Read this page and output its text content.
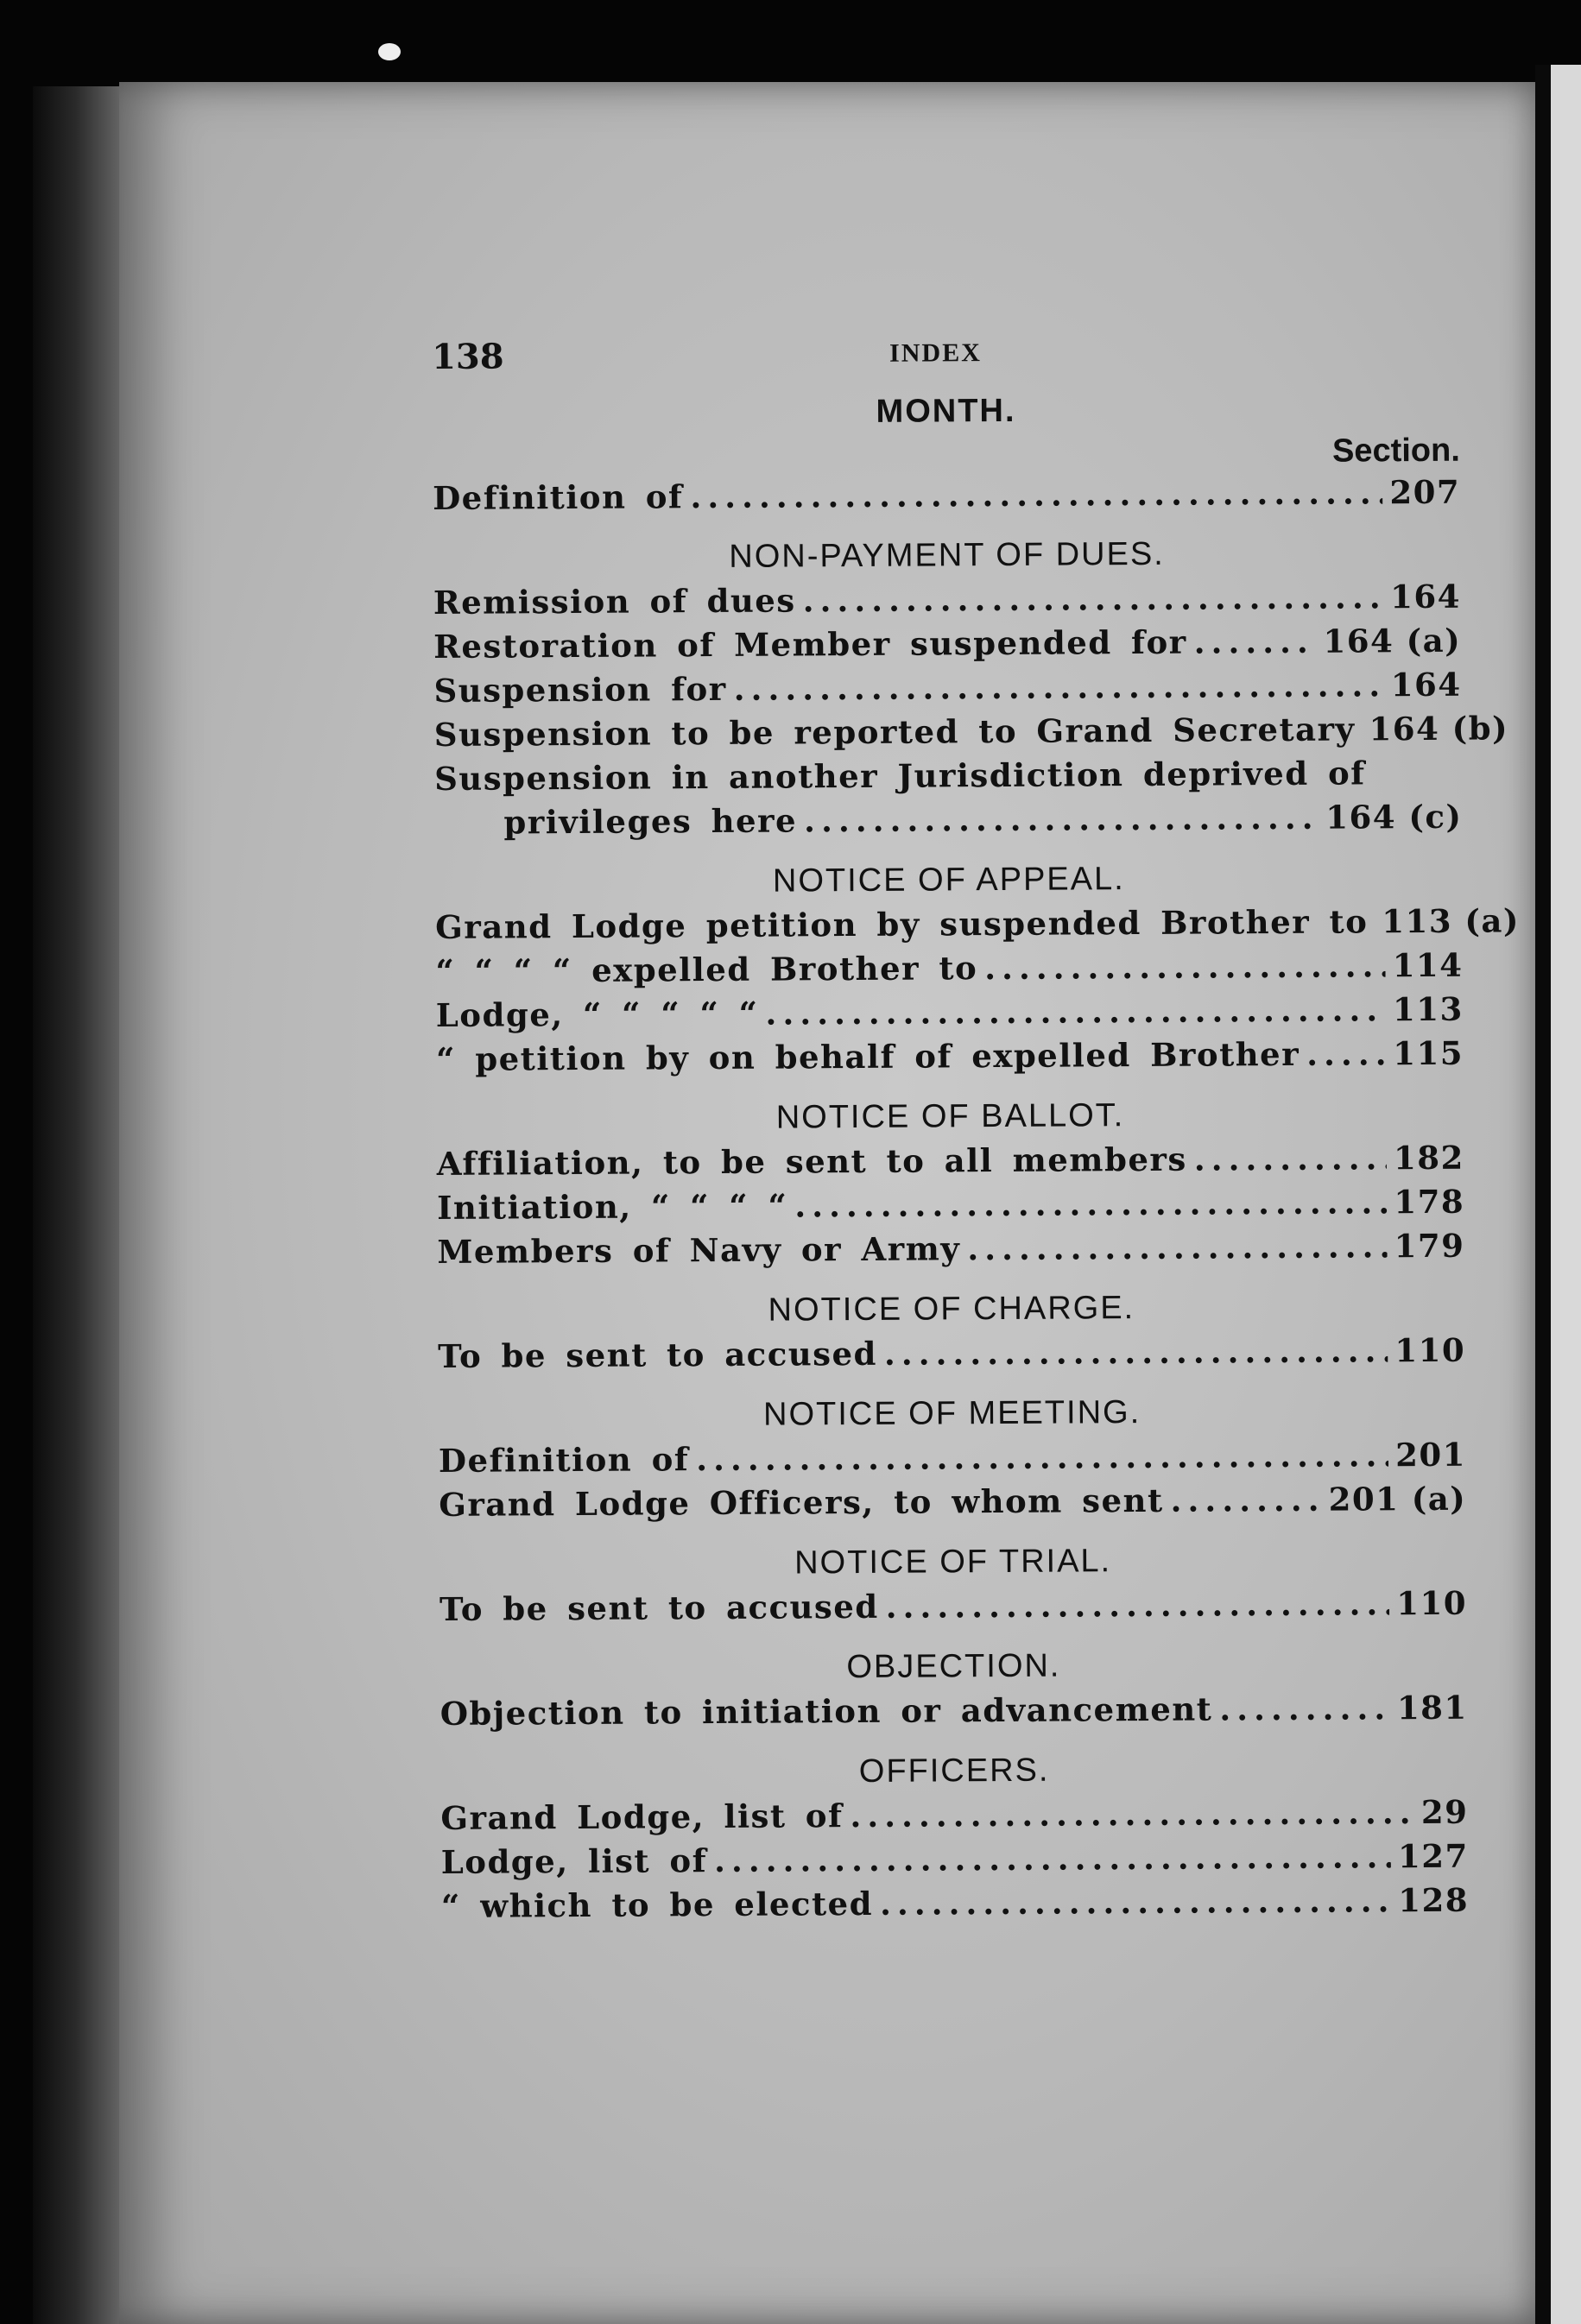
138	INDEX
MONTH.
Section.
Definition of .....	207
NON-PAYMENT OF DUES.
Remission of dues .....	164
Restoration of Member suspended for .....	164 (a)
Suspension for .....	164
Suspension to be reported to Grand Secretary ..... 164 (b)
Suspension in another Jurisdiction deprived of
privileges here .....	164 (c)
NOTICE OF APPEAL.
Grand Lodge petition by suspended Brother to ..... 113 (a)
“ “ “ “ expelled Brother to .....	114
Lodge, “ “ “ “ “ .....	113
“ petition by on behalf of expelled Brother .....	115
NOTICE OF BALLOT.
Affiliation, to be sent to all members .....	182
Initiation, “ “ “ “ .....	178
Members of Navy or Army .....	179
NOTICE OF CHARGE.
To be sent to accused .....	110
NOTICE OF MEETING.
Definition of .....	201
Grand Lodge Officers, to whom sent .....	201 (a)
NOTICE OF TRIAL.
To be sent to accused .....	110
OBJECTION.
Objection to initiation or advancement .....	181
OFFICERS.
Grand Lodge, list of .....	29
Lodge, list of .....	127
“ which to be elected .....	128
